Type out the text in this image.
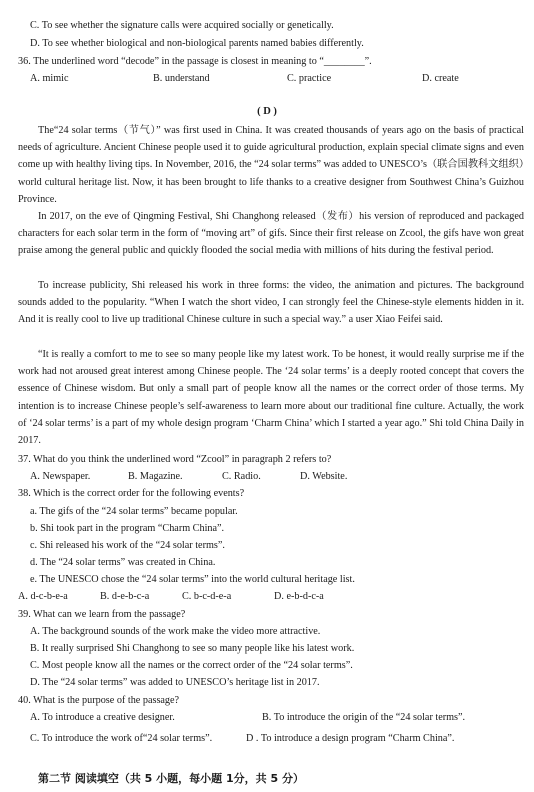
C. To see whether the signature calls were acquired socially or genetically.
D. To see whether biological and non-biological parents named babies differently.
36. The underlined word “decode” in the passage is closest in meaning to “________”.
A. mimic	B. understand	C. practice	D. create
( D )
The“24 solar terms（节气）” was first used in China. It was created thousands of years ago on the basis of practical needs of agriculture. Ancient Chinese people used it to guide agricultural production, explain special climate signs and even come up with healthy living tips. In November, 2016, the “24 solar terms” was added to UNESCO’s（联合国教科文组织）world cultural heritage list. Now, it has been brought to life thanks to a creative designer from Southwest China’s Guizhou Province.
In 2017, on the eve of Qingming Festival, Shi Changhong released（发布）his version of reproduced and packaged characters for each solar term in the form of “moving art” of gifs. Since their first release on Zcool, the gifs have won great praise among the general public and quickly flooded the social media with millions of hits during the festival period.
To increase publicity, Shi released his work in three forms: the video, the animation and pictures. The background sounds added to the popularity. “When I watch the short video, I can strongly feel the Chinese-style elements hidden in it. And it is really cool to live up traditional Chinese culture in such a special way.” a user Xiao Feifei said.
“It is really a comfort to me to see so many people like my latest work. To be honest, it would really surprise me if the work had not aroused great interest among Chinese people. The ‘24 solar terms’ is a deeply rooted concept that covers the essence of Chinese wisdom. But only a small part of people know all the names or the correct order of those terms. My intention is to increase Chinese people’s self-awareness to learn more about our traditional fine culture. Actually, the work of ‘24 solar terms’ is a part of my whole design program ‘Charm China’ which I started a year ago.” Shi told China Daily in 2017.
37. What do you think the underlined word “Zcool” in paragraph 2 refers to?
A. Newspaper.	B. Magazine.	C. Radio.	D. Website.
38. Which is the correct order for the following events?
a. The gifs of the “24 solar terms” became popular.
b. Shi took part in the program “Charm China”.
c. Shi released his work of the “24 solar terms”.
d. The “24 solar terms” was created in China.
e. The UNESCO chose the “24 solar terms” into the world cultural heritage list.
A. d-c-b-e-a	B. d-e-b-c-a	C. b-c-d-e-a	D. e-b-d-c-a
39. What can we learn from the passage?
A. The background sounds of the work make the video more attractive.
B. It really surprised Shi Changhong to see so many people like his latest work.
C. Most people know all the names or the correct order of the “24 solar terms”.
D. The “24 solar terms” was added to UNESCO’s heritage list in 2017.
40. What is the purpose of the passage?
A. To introduce a creative designer.	B. To introduce the origin of the “24 solar terms”.
C. To introduce the work of“24 solar terms”.	D . To introduce a design program “Charm China”.
第二节 阅读填空（共 5 小题，每小题 1分，共 5 分）
